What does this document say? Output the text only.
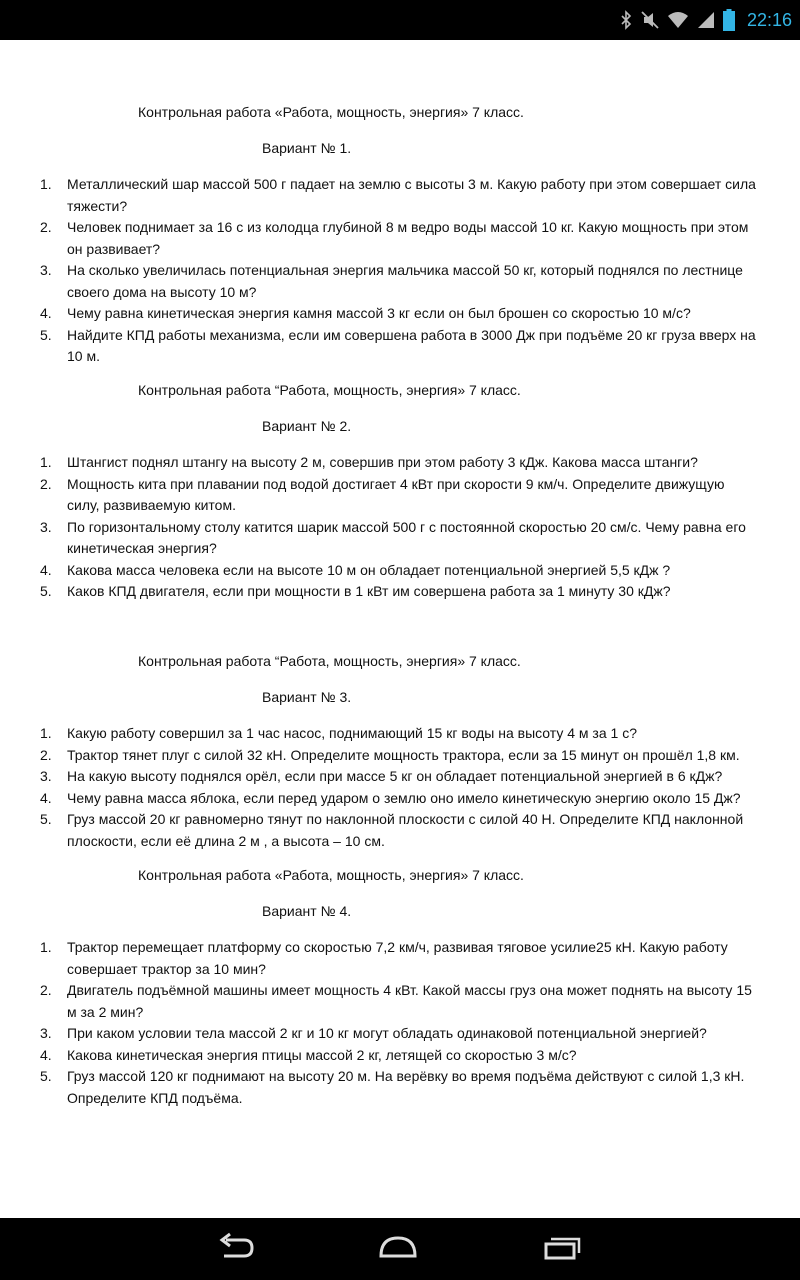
22:16
Контрольная работа «Работа, мощность, энергия» 7 класс.
Вариант № 1.
1. Металлический шар массой 500 г падает на землю с высоты 3 м. Какую работу при этом совершает сила тяжести?
2. Человек поднимает за 16 с из колодца глубиной 8 м ведро воды массой 10 кг. Какую мощность при этом он развивает?
3. На сколько увеличилась потенциальная энергия мальчика массой 50 кг, который поднялся по лестнице своего дома на высоту 10 м?
4. Чему равна кинетическая энергия камня массой 3 кг если он был брошен со скоростью 10 м/с?
5. Найдите КПД работы механизма, если им совершена работа в 3000 Дж при подъёме 20 кг груза вверх на 10 м.
Контрольная работа “Работа, мощность, энергия» 7 класс.
Вариант № 2.
1. Штангист поднял штангу на высоту 2 м, совершив при этом работу 3 кДж. Какова масса штанги?
2. Мощность кита при плавании под водой достигает 4 кВт при скорости 9 км/ч. Определите движущую силу, развиваемую китом.
3. По горизонтальному столу катится шарик массой 500 г с постоянной скоростью 20 см/с. Чему равна его кинетическая энергия?
4. Какова масса человека если на высоте 10 м он обладает потенциальной энергией 5,5 кДж ?
5. Каков КПД двигателя, если при мощности в 1 кВт им совершена работа за 1 минуту 30 кДж?
Контрольная работа “Работа, мощность, энергия» 7 класс.
Вариант № 3.
1. Какую работу совершил за 1 час насос, поднимающий 15 кг воды на высоту 4 м за 1 с?
2. Трактор тянет плуг с силой 32 кН. Определите мощность трактора, если за 15 минут он прошёл 1,8 км.
3. На какую высоту поднялся орёл, если при массе 5 кг он обладает потенциальной энергией в 6 кДж?
4. Чему равна масса яблока, если перед ударом о землю оно имело кинетическую энергию около 15 Дж?
5. Груз массой 20 кг равномерно тянут по наклонной плоскости с силой 40 Н. Определите КПД наклонной плоскости, если её длина 2 м , а высота – 10 см.
Контрольная работа «Работа, мощность, энергия» 7 класс.
Вариант № 4.
1. Трактор перемещает платформу со скоростью 7,2 км/ч, развивая тяговое усилие25 кН. Какую работу совершает трактор за 10 мин?
2. Двигатель подъёмной машины имеет мощность 4 кВт. Какой массы груз она может поднять на высоту 15 м за 2 мин?
3. При каком условии тела массой 2 кг и 10 кг могут обладать одинаковой потенциальной энергией?
4. Какова кинетическая энергия птицы массой 2 кг, летящей со скоростью 3 м/с?
5. Груз массой 120 кг поднимают на высоту 20 м. На верёвку во время подъёма действуют с силой 1,3 кН. Определите КПД подъёма.
